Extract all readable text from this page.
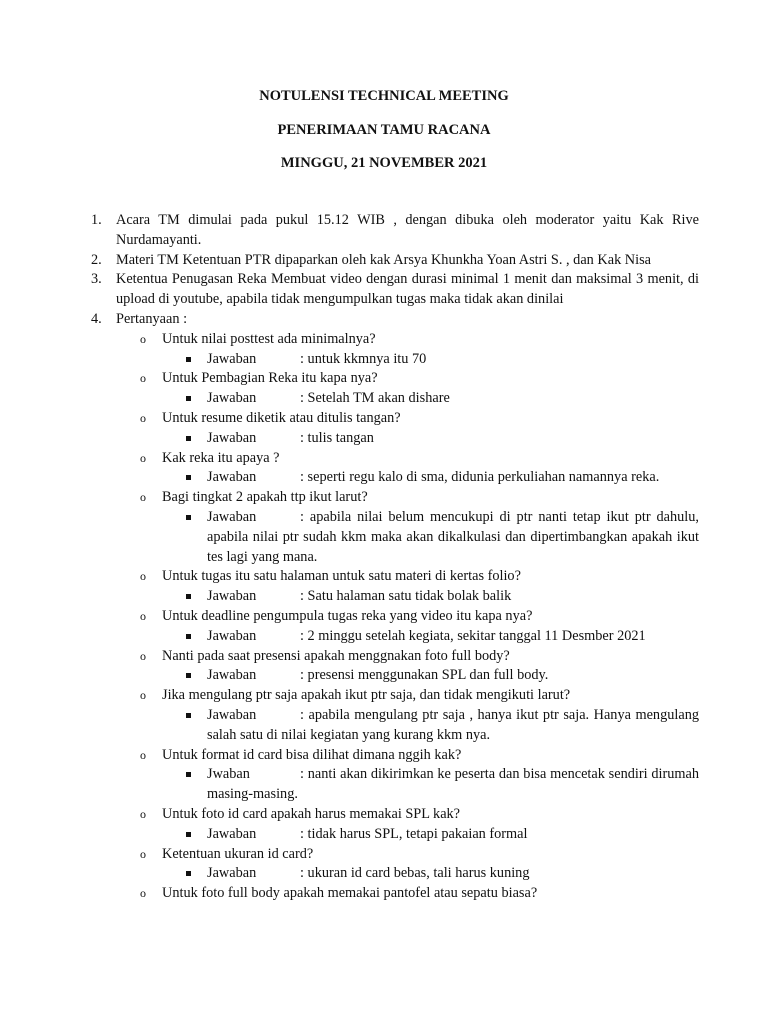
NOTULENSI TECHNICAL MEETING
PENERIMAAN TAMU RACANA
MINGGU, 21 NOVEMBER 2021
1. Acara TM dimulai pada pukul 15.12 WIB , dengan dibuka oleh moderator yaitu Kak Rive Nurdamayanti.
2. Materi TM Ketentuan PTR dipaparkan oleh kak Arsya Khunkha Yoan Astri S. , dan Kak Nisa
3. Ketentua Penugasan Reka Membuat video dengan durasi minimal 1 menit dan maksimal 3 menit, di upload di youtube, apabila tidak mengumpulkan tugas maka tidak akan dinilai
4. Pertanyaan :
o Untuk nilai posttest ada minimalnya?
Jawaban	: untuk kkmnya itu 70
o Untuk Pembagian Reka itu kapa nya?
Jawaban	: Setelah TM akan dishare
o Untuk resume diketik atau ditulis tangan?
Jawaban	: tulis tangan
o Kak reka itu apaya ?
Jawaban	: seperti regu kalo di sma, didunia perkuliahan namannya reka.
o Bagi tingkat 2 apakah ttp ikut larut?
Jawaban	: apabila nilai belum mencukupi di ptr nanti tetap ikut ptr dahulu, apabila nilai ptr sudah kkm maka akan dikalkulasi dan dipertimbangkan apakah ikut tes lagi yang mana.
o Untuk tugas itu satu halaman untuk satu materi di kertas folio?
Jawaban	: Satu halaman satu tidak bolak balik
o Untuk deadline pengumpula tugas reka yang video itu kapa nya?
Jawaban	: 2 minggu setelah kegiata, sekitar tanggal 11 Desmber 2021
o Nanti pada saat presensi apakah menggnakan foto full body?
Jawaban	: presensi menggunakan SPL dan full body.
o Jika mengulang ptr saja apakah ikut ptr saja, dan tidak mengikuti larut?
Jawaban	: apabila mengulang ptr saja , hanya ikut ptr saja. Hanya mengulang salah satu di nilai kegiatan yang kurang kkm nya.
o Untuk format id card bisa dilihat dimana nggih kak?
Jwaban	: nanti akan dikirimkan ke peserta dan bisa mencetak sendiri dirumah masing-masing.
o Untuk foto id card apakah harus memakai SPL kak?
Jawaban	: tidak harus SPL, tetapi pakaian formal
o Ketentuan ukuran id card?
Jawaban	: ukuran id card bebas, tali harus kuning
o Untuk foto full body apakah memakai pantofel atau sepatu biasa?
